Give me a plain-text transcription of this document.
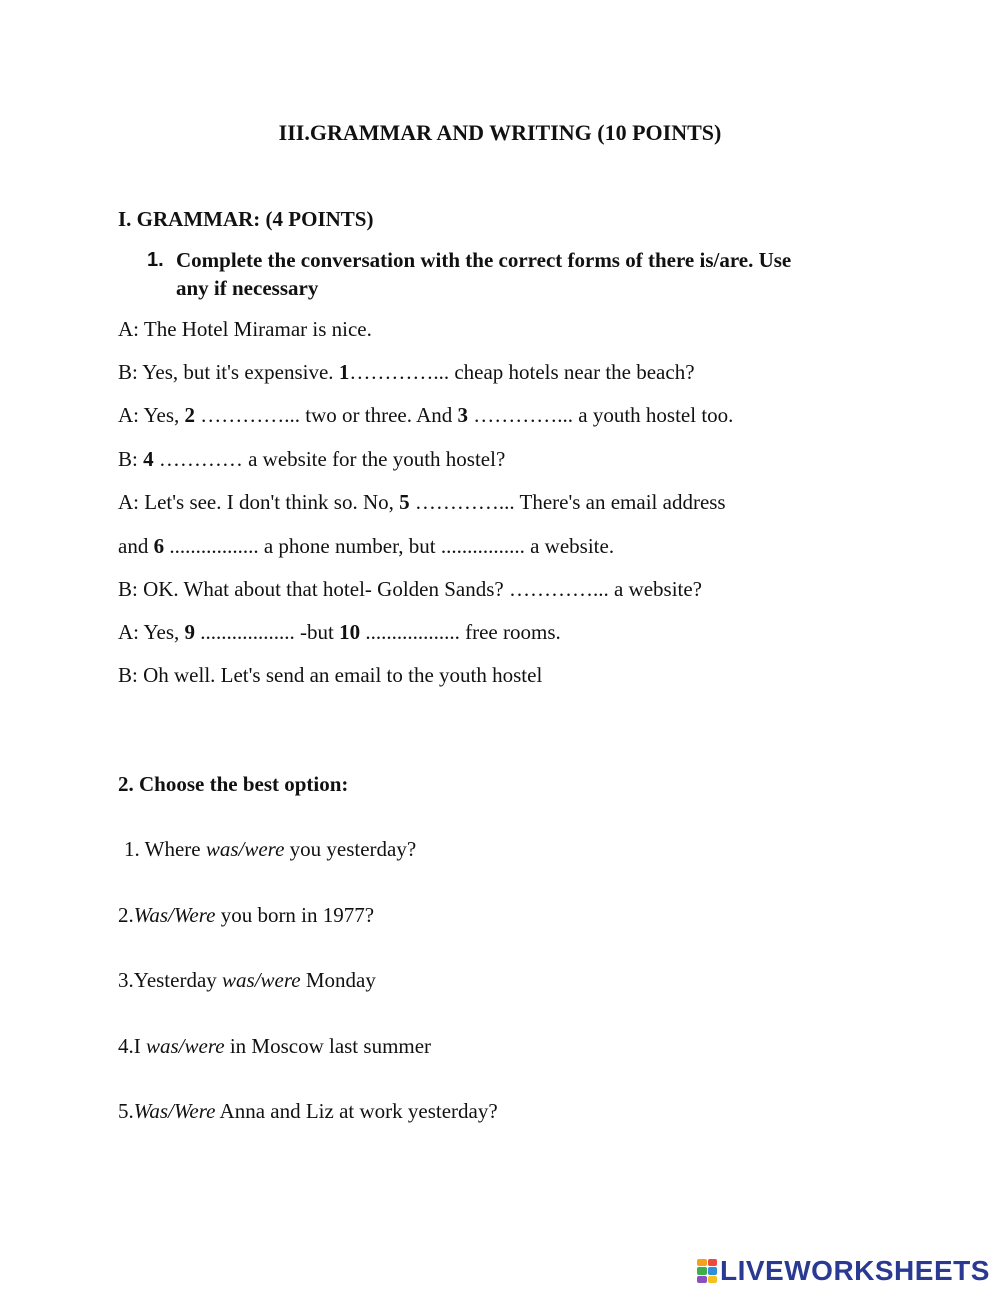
III.GRAMMAR AND WRITING (10 POINTS)
I. GRAMMAR: (4 POINTS)
1. Complete the conversation with the correct forms of there is/are. Use
any if necessary
A: The Hotel Miramar is nice.
B: Yes, but it's expensive. 1…………... cheap hotels near the beach?
A: Yes, 2 …………... two or three. And 3 …………... a youth hostel too.
B: 4 ………… a website for the youth hostel?
A: Let's see. I don't think so. No, 5 …………... There's an email address
and 6 ................. a phone number, but ................ a website.
B: OK. What about that hotel- Golden Sands? …………... a website?
A: Yes, 9 .................. -but 10 .................. free rooms.
B: Oh well. Let's send an email to the youth hostel
2. Choose the best option:
1. Where was/were you yesterday?
2.Was/Were you born in 1977?
3.Yesterday was/were Monday
4.I was/were in Moscow last summer
5.Was/Were Anna and Liz at work yesterday?
LIVEWORKSHEETS
